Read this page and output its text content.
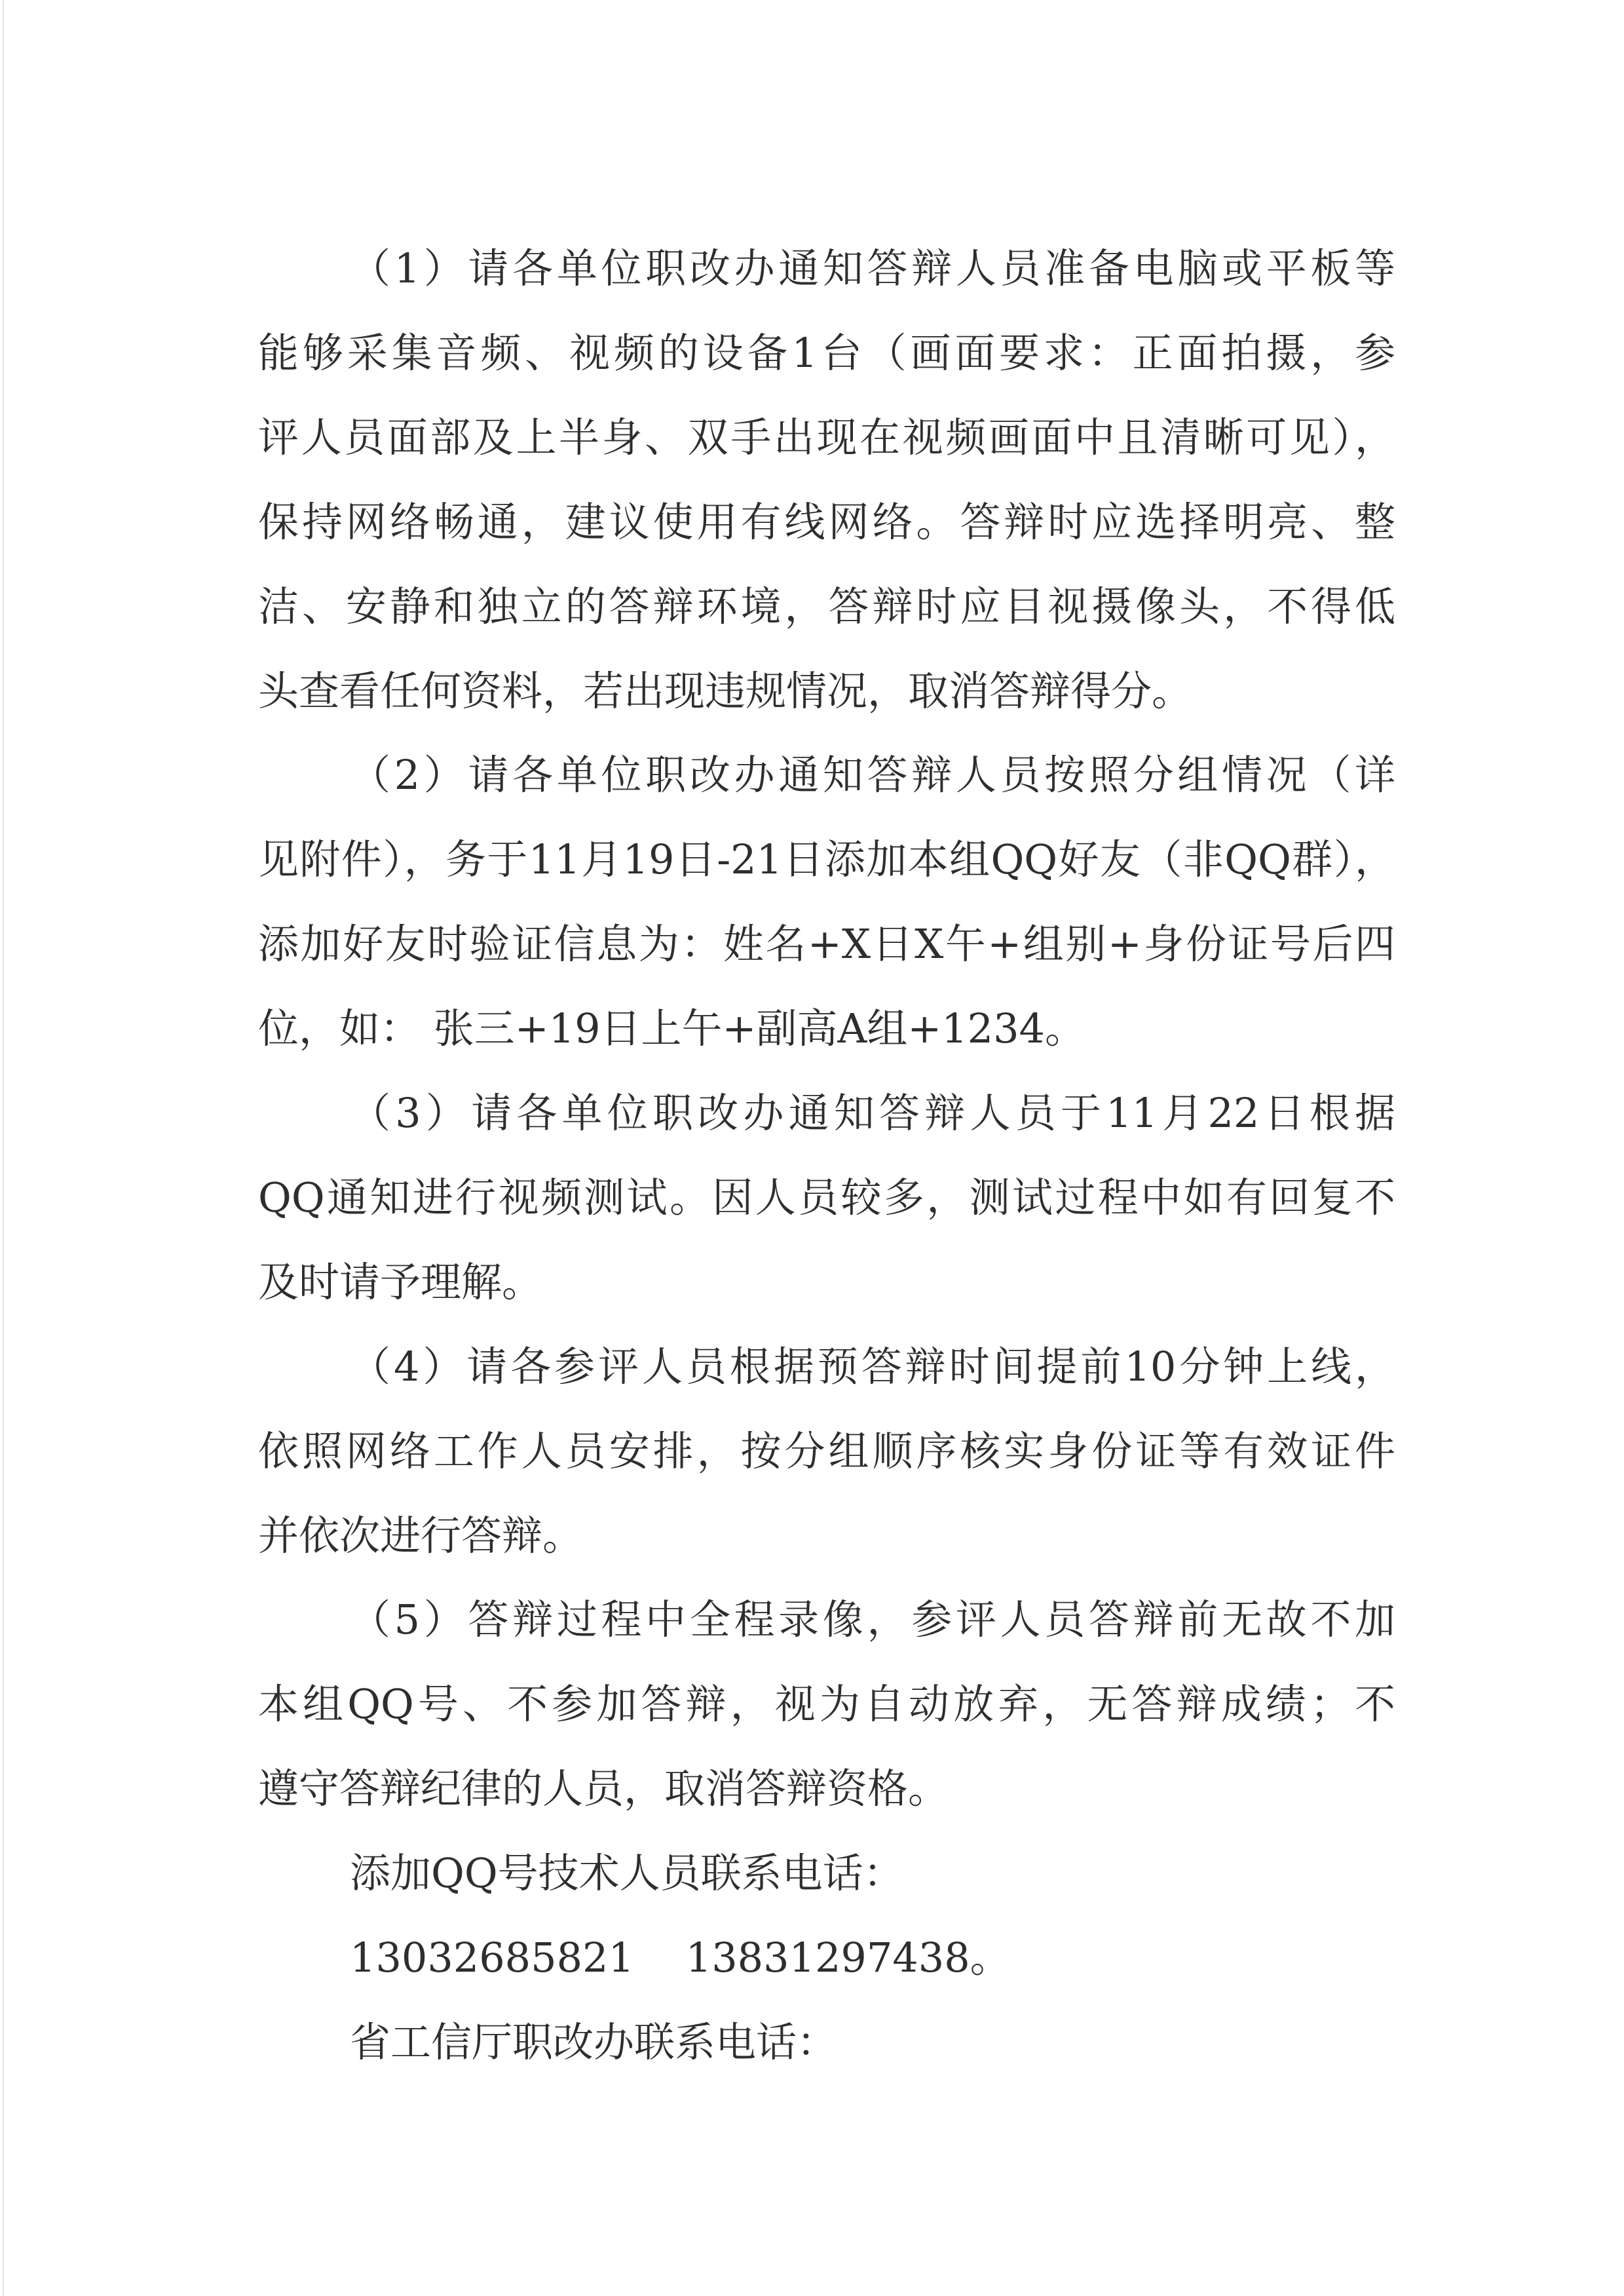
（1）请各单位职改办通知答辩人员准备电脑或平板等
能够采集音频、视频的设备1台（画面要求：正面拍摄，参
评人员面部及上半身、双手出现在视频画面中且清晰可见），
保持网络畅通，建议使用有线网络。答辩时应选择明亮、整
洁、安静和独立的答辩环境，答辩时应目视摄像头，不得低
头查看任何资料，若出现违规情况，取消答辩得分。
（2）请各单位职改办通知答辩人员按照分组情况（详
见附件），务于11月19日-21日添加本组QQ好友（非QQ群），
添加好友时验证信息为：姓名+X日X午+组别+身份证号后四
位，如： 张三+19日上午+副高A组+1234。
（3）请各单位职改办通知答辩人员于11月22日根据
QQ通知进行视频测试。因人员较多，测试过程中如有回复不
及时请予理解。
（4）请各参评人员根据预答辩时间提前10分钟上线，
依照网络工作人员安排，按分组顺序核实身份证等有效证件
并依次进行答辩。
（5）答辩过程中全程录像，参评人员答辩前无故不加
本组QQ号、不参加答辩，视为自动放弃，无答辩成绩；不
遵守答辩纪律的人员，取消答辩资格。
添加QQ号技术人员联系电话：
13032685821    13831297438。
省工信厅职改办联系电话：
